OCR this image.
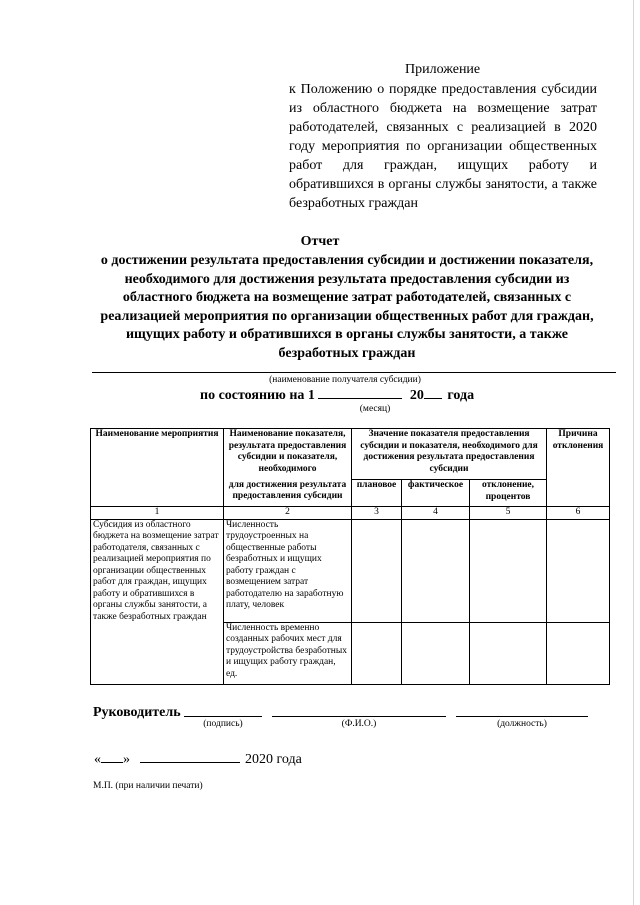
Приложение
к Положению о порядке предоставления субсидии из областного бюджета на возмещение затрат работодателей, связанных с реализацией в 2020 году мероприятия по организации общественных работ для граждан, ищущих работу и обратившихся в органы службы занятости, а также безработных граждан
Отчет
о достижении результата предоставления субсидии и достижении показателя, необходимого для достижения результата предоставления субсидии из областного бюджета на возмещение затрат работодателей, связанных с реализацией мероприятия по организации общественных работ для граждан, ищущих работу и обратившихся в органы службы занятости, а также безработных граждан
(наименование получателя субсидии)
по состоянию на 1	20 года
(месяц)
Наименование мероприятия	Наименование показателя, результата предоставления субсидии и показателя, необходимого	Значение показателя предоставления субсидии и показателя, необходимого для достижения результата предоставления субсидии			Причина отклонения
	для достижения результата предоставления субсидии	плановое	фактическое	отклонение, процентов	
1	2	3	4	5	6
Субсидия из областного бюджета на возмещение затрат работодателя, связанных с реализацией мероприятия по организации общественных работ для граждан, ищущих работу и обратившихся в органы службы занятости, а также безработных граждан	Численность трудоустроенных на общественные работы безработных и ищущих работу граждан с возмещением затрат работодателю на заработную плату, человек				
	Численность временно созданных рабочих мест для трудоустройства безработных и ищущих работу граждан, ед.				
Руководитель
(подпись)	(Ф.И.О.)	(должность)
« »	2020 года
М.П. (при наличии печати)
